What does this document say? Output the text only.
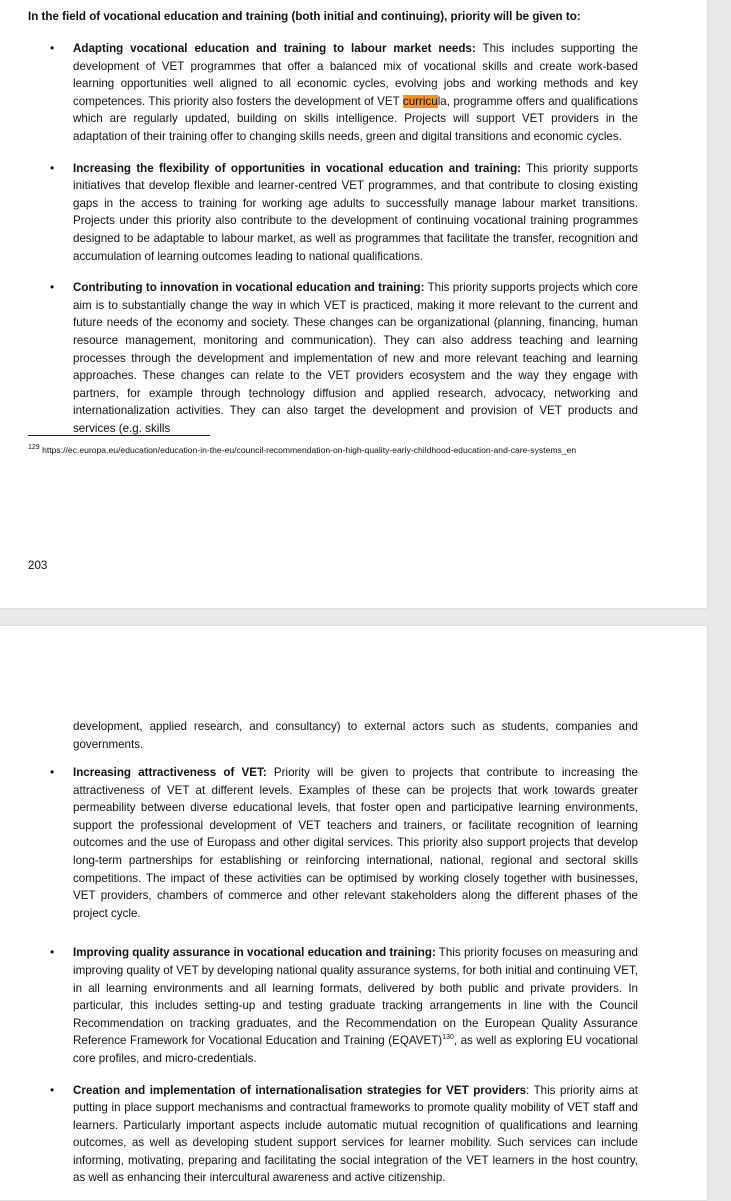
In the field of vocational education and training (both initial and continuing), priority will be given to:
• Adapting vocational education and training to labour market needs: This includes supporting the development of VET programmes that offer a balanced mix of vocational skills and create work-based learning opportunities well aligned to all economic cycles, evolving jobs and working methods and key competences. This priority also fosters the development of VET curricula, programme offers and qualifications which are regularly updated, building on skills intelligence. Projects will support VET providers in the adaptation of their training offer to changing skills needs, green and digital transitions and economic cycles.
• Increasing the flexibility of opportunities in vocational education and training: This priority supports initiatives that develop flexible and learner-centred VET programmes, and that contribute to closing existing gaps in the access to training for working age adults to successfully manage labour market transitions. Projects under this priority also contribute to the development of continuing vocational training programmes designed to be adaptable to labour market, as well as programmes that facilitate the transfer, recognition and accumulation of learning outcomes leading to national qualifications.
• Contributing to innovation in vocational education and training: This priority supports projects which core aim is to substantially change the way in which VET is practiced, making it more relevant to the current and future needs of the economy and society. These changes can be organizational (planning, financing, human resource management, monitoring and communication). They can also address teaching and learning processes through the development and implementation of new and more relevant teaching and learning approaches. These changes can relate to the VET providers ecosystem and the way they engage with partners, for example through technology diffusion and applied research, advocacy, networking and internationalization activities. They can also target the development and provision of VET products and services (e.g. skills
$^{129}$ https://ec.europa.eu/education/education-in-the-eu/council-recommendation-on-high-quality-early-childhood-education-and-care-systems_en
203
development, applied research, and consultancy) to external actors such as students, companies and governments.
• Increasing attractiveness of VET: Priority will be given to projects that contribute to increasing the attractiveness of VET at different levels. Examples of these can be projects that work towards greater permeability between diverse educational levels, that foster open and participative learning environments, support the professional development of VET teachers and trainers, or facilitate recognition of learning outcomes and the use of Europass and other digital services. This priority also support projects that develop long-term partnerships for establishing or reinforcing international, national, regional and sectoral skills competitions. The impact of these activities can be optimised by working closely together with businesses, VET providers, chambers of commerce and other relevant stakeholders along the different phases of the project cycle.
• Improving quality assurance in vocational education and training: This priority focuses on measuring and improving quality of VET by developing national quality assurance systems, for both initial and continuing VET, in all learning environments and all learning formats, delivered by both public and private providers. In particular, this includes setting-up and testing graduate tracking arrangements in line with the Council Recommendation on tracking graduates, and the Recommendation on the European Quality Assurance Reference Framework for Vocational Education and Training (EQAVET)$^{130}$, as well as exploring EU vocational core profiles, and micro-credentials.
• Creation and implementation of internationalisation strategies for VET providers: This priority aims at putting in place support mechanisms and contractual frameworks to promote quality mobility of VET staff and learners. Particularly important aspects include automatic mutual recognition of qualifications and learning outcomes, as well as developing student support services for learner mobility. Such services can include informing, motivating, preparing and facilitating the social integration of the VET learners in the host country, as well as enhancing their intercultural awareness and active citizenship.
